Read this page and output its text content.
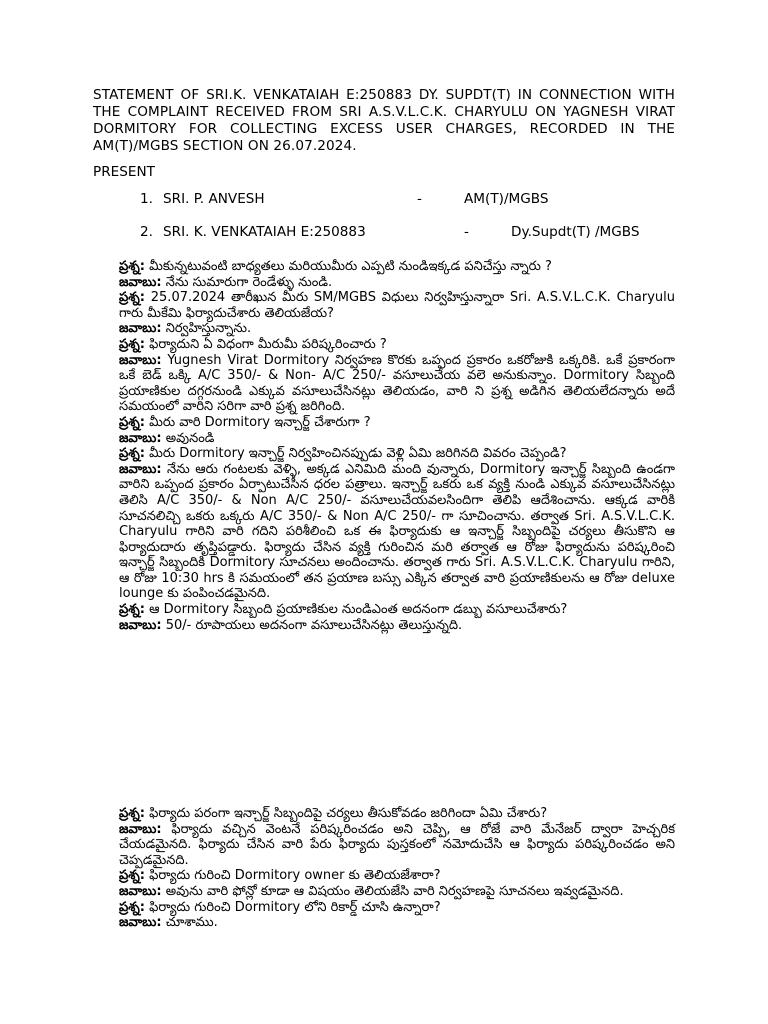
STATEMENT OF SRI.K. VENKATAIAH E:250883 DY. SUPDT(T) IN CONNECTION WITH THE COMPLAINT RECEIVED FROM SRI A.S.V.L.C.K. CHARYULU ON YAGNESH VIRAT DORMITORY FOR COLLECTING EXCESS USER CHARGES, RECORDED IN THE AM(T)/MGBS SECTION ON 26.07.2024.
PRESENT
1. SRI. P. ANVESH	-	AM(T)/MGBS
2. SRI. K. VENKATAIAH E:250883	-	Dy.Supdt(T) /MGBS

ప్రశ్న: మీకున్నటువంటి బాధ్యతలు మరియుమీరు ఎప్పటి నుండిఇక్కడ పనిచేస్తు న్నారు ?

జవాబు: నేను సుమారుగా రెండేళ్ళు నుండి.

ప్రశ్న: 25.07.2024 తారీఖున మీరు SM/MGBS విధులు నిర్వహిస్తున్నారా Sri. A.S.V.L.C.K. Charyulu గారు మీకేమి ఫిర్యాదుచేశారు తెలియజేయ?

జవాబు: నిర్వహిస్తున్నాను.

ప్రశ్న: ఫిర్యాదుని ఏ విధంగా మీరుమీ పరిష్కరించారు ?

జవాబు: Yugnesh Virat Dormitory నిర్వహణ కొరకు ఒప్పంద ప్రకారం ఒకరోజుకి ఒక్కరికి. ఒకే ప్రకారంగా ఒకే బెడ్ ఒక్కి A/C 350/- & Non- A/C 250/- వసూలుచేయ వలె అనుకున్నాం. Dormitory సిబ్బంది ప్రయాణికుల దగ్గరనుండి ఎక్కువ వసూలుచేసినట్లు తెలియడం, వారి ని ప్రశ్న అడిగిన తెలియలేదన్నారు అదే సమయంలో వారిని సరిగా వారి ప్రశ్న జరిగింది.

ప్రశ్న: మీరు వారి Dormitory ఇన్చార్జ్ చేశారుగా ?

జవాబు: అవునండి

ప్రశ్న: మీరు Dormitory ఇన్చార్జ్ నిర్వహించినప్పుడు వెళ్లి ఏమి జరిగినది వివరం చెప్పండి?

జవాబు: నేను ఆరు గంటలకు వెళ్ళి, అక్కడ ఎనిమిది మంది వున్నారు, Dormitory ఇన్చార్జ్ సిబ్బంది ఉండగా వారిని ఒప్పంద ప్రకారం ఏర్పాటుచేసిన ధరల పత్రాలు. ఇన్చార్జ్ ఒకరు ఒక వ్యక్తి నుండి ఎక్కువ వసూలుచేసినట్లు తెలిసి A/C 350/- & Non A/C 250/- వసూలుచేయవలసిందిగా తెలిపి ఆదేశించాను. ఆక్కడ వారికి సూచనలిచ్చి ఒకరు ఒక్కరు A/C 350/- & Non A/C 250/- గా సూచించాను. తర్వాత Sri. A.S.V.L.C.K. Charyulu గారిని వారి గదిని పరిశీలించి ఒక ఈ ఫిర్యాదుకు ఆ ఇన్చార్జ్ సిబ్బందిపై చర్యలు తీసుకొని ఆ ఫిర్యాదుదారు తృప్తిపడ్డారు. ఫిర్యాదు చేసిన వ్యక్తి గురించిన మరి తర్వాత ఆ రోజు ఫిర్యాదును పరిష్కరించి ఇన్చార్జ్ సిబ్బందికి Dormitory సూచనలు అందించాను. తర్వాత గారు Sri. A.S.V.L.C.K. Charyulu గారిని, ఆ రోజు 10:30 hrs కి సమయంలో తన ప్రయాణ బస్సు ఎక్కిన తర్వాత వారి ప్రయాణికులను ఆ రోజు deluxe lounge కు పంపించడమైనది.

ప్రశ్న: ఆ Dormitory సిబ్బంది ప్రయాణికుల నుండిఎంత అదనంగా డబ్బు వసూలుచేశారు?

జవాబు: 50/- రూపాయలు అదనంగా వసూలుచేసినట్లు తెలుస్తున్నది.

ప్రశ్న: ఫిర్యాదు పరంగా ఇన్చార్జ్ సిబ్బందిపై చర్యలు తీసుకోవడం జరిగిందా ఏమి చేశారు?

జవాబు: ఫిర్యాదు వచ్చిన వెంటనే పరిష్కరించడం అని చెప్పి, ఆ రోజే వారి మేనేజర్ ద్వారా హెచ్చరిక చేయడమైనది. ఫిర్యాదు చేసిన వారి పేరు ఫిర్యాదు పుస్తకంలో నమోదుచేసి ఆ ఫిర్యాదు పరిష్కరించడం అని చెప్పడమైనది.

ప్రశ్న: ఫిర్యాదు గురించి Dormitory owner కు తెలియజేశారా?

జవాబు: అవును వారి ఫోన్లో కూడా ఆ విషయం తెలియజేసి వారి నిర్వహణపై సూచనలు ఇవ్వడమైనది.

ప్రశ్న: ఫిర్యాదు గురించి Dormitory లోని రికార్డ్ చూసి ఉన్నారా?

జవాబు: చూశాము.
